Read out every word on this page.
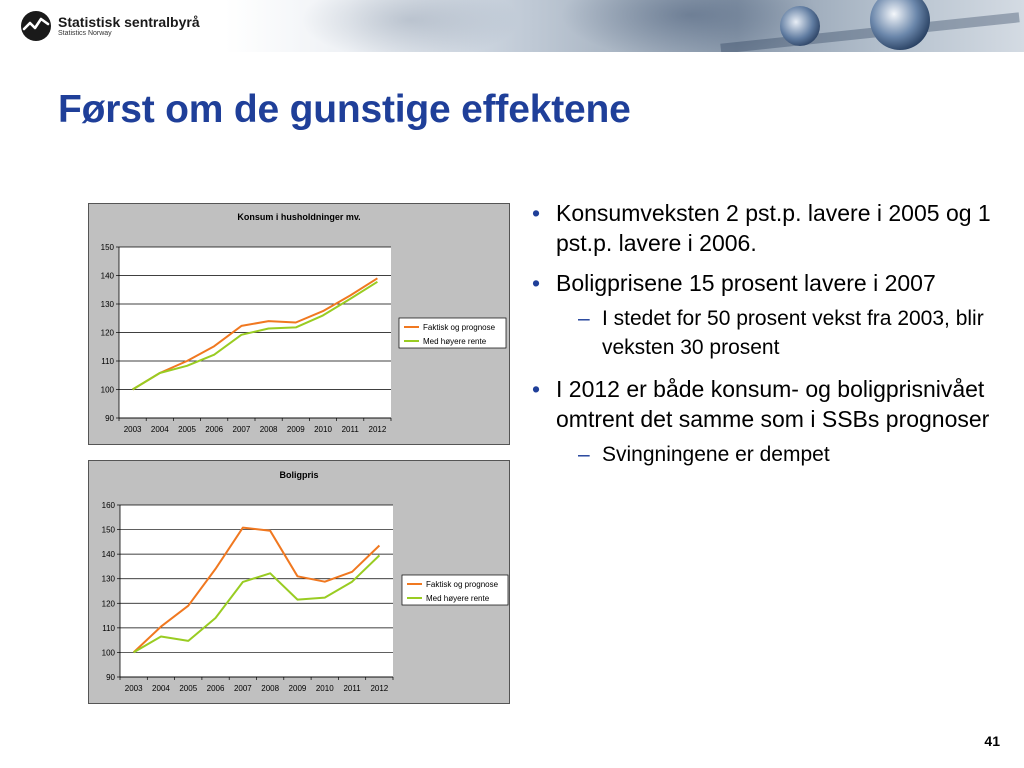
Statistisk sentralbyrå
Statistics Norway
Først om de gunstige effektene
Konsum i husholdninger mv.
90
100
110
120
130
140
150
2003 2004 2005 2006 2007 2008 2009 2010 2011 2012
Faktisk og prognose
Med høyere rente
Boligpris
90
100
110
120
130
140
150
160
2003 2004 2005 2006 2007 2008 2009 2010 2011 2012
Faktisk og prognose
Med høyere rente
• Konsumveksten 2 pst.p. lavere i 2005 og 1 pst.p. lavere i 2006.
• Boligprisene 15 prosent lavere i 2007
– I stedet for 50 prosent vekst fra 2003, blir veksten 30 prosent
• I 2012 er både konsum- og boligprisnivået omtrent det samme som i SSBs prognoser
– Svingningene er dempet
41
